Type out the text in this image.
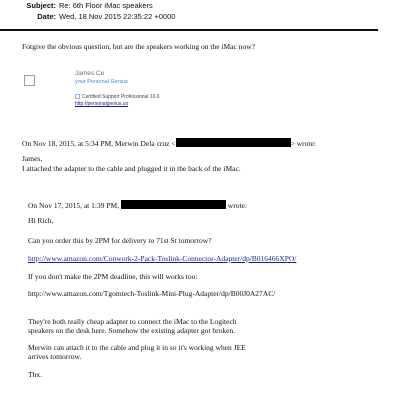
Subject: Re: 6th Floor iMac speakers
Date: Wed, 18 Nov 2015 22:35:22 +0000
Forgive the obvious question, but are the speakers working on the iMac now?
James Ce
your Personal Genius
Certified Support Professional 10.6
http://personalgenius.us
On Nov 18, 2015, at 5:34 PM, Merwin Dela cruz <	> wrote:
James,
I attached the adapter to the cable and plugged it in the back of the iMac.
On Nov 17, 2015, at 1:39 PM,	wrote:
Hi Rich,
Can you order this by 2PM for delivery to 71st St tomorrow?
http://www.amazon.com/Conwork-2-Pack-Toslink-Connector-Adapter/dp/B016466XPO/
If you don't make the 2PM deadline, this will works too:
http://www.amazon.com/Tgomtech-Toslink-Mini-Plug-Adapter/dp/B00J0A27AC/
They're both really cheap adapter to connect the iMac to the Logitech
speakers on the desk here. Somehow the existing adapter got broken.
Merwin can attach it to the cable and plug it in so it's working when JEE
arrives tomorrow.
Thx.
